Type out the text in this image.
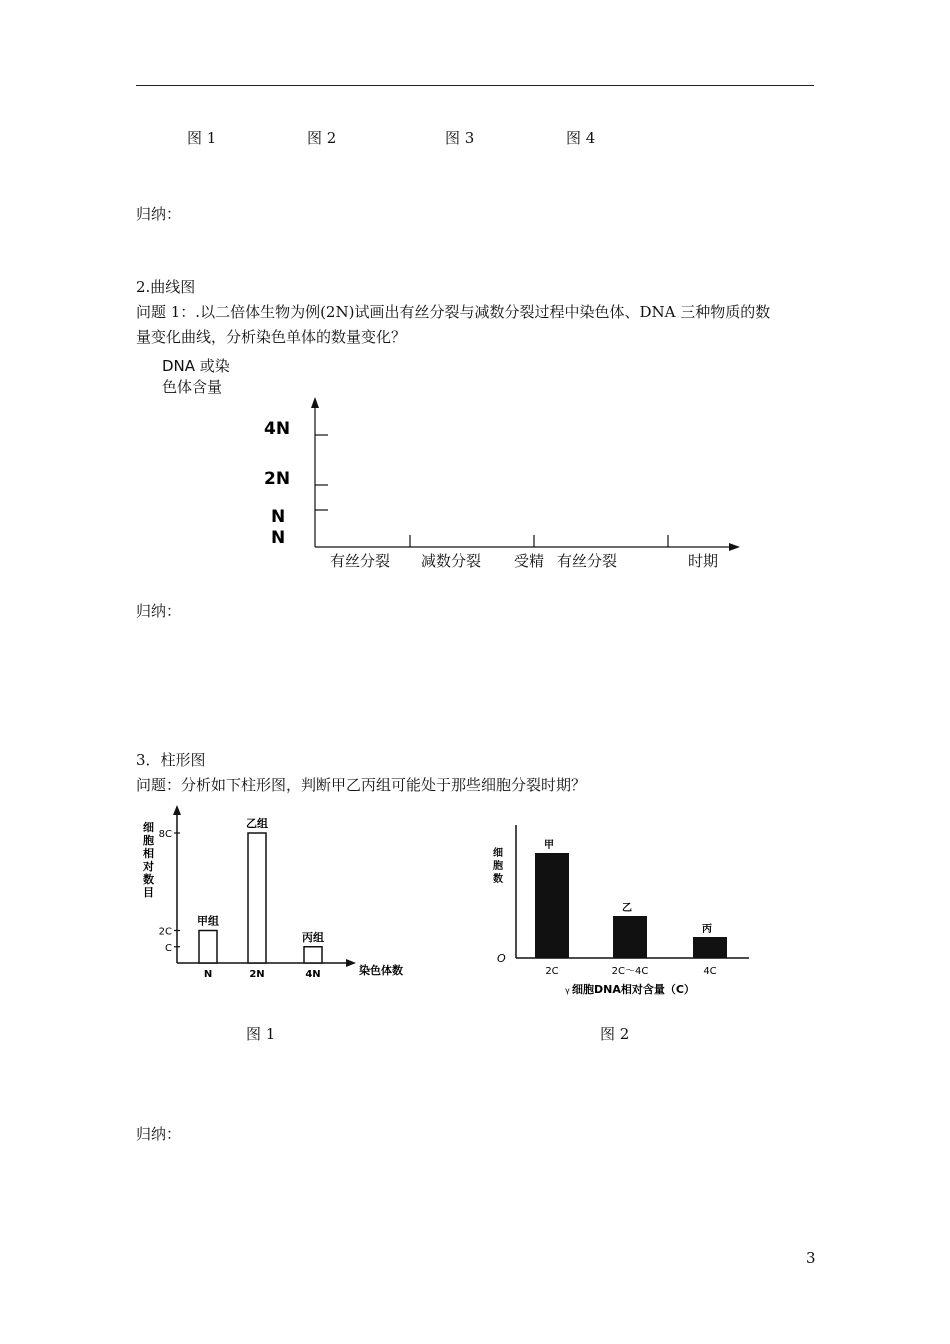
图 1	图 2	图 3	图 4
归纳：
2.曲线图
问题 1：.以二倍体生物为例(2N)试画出有丝分裂与减数分裂过程中染色体、DNA 三种物质的数
量变化曲线，分析染色单体的数量变化？
DNA 或染
色体含量
4N
2N
N
N
有丝分裂 减数分裂 受精 有丝分裂	时期
归纳：
3．柱形图
问题：分析如下柱形图，判断甲乙丙组可能处于那些细胞分裂时期？
细
胞
相
对
数
目
8C
2C
C
甲组
N
乙组
2N
丙组
4N	染色体数
细
胞
数
O
甲
2C
乙
2C～4C
丙
4C
γ 细胞DNA相对含量（C）
图 1	图 2
归纳：
3
